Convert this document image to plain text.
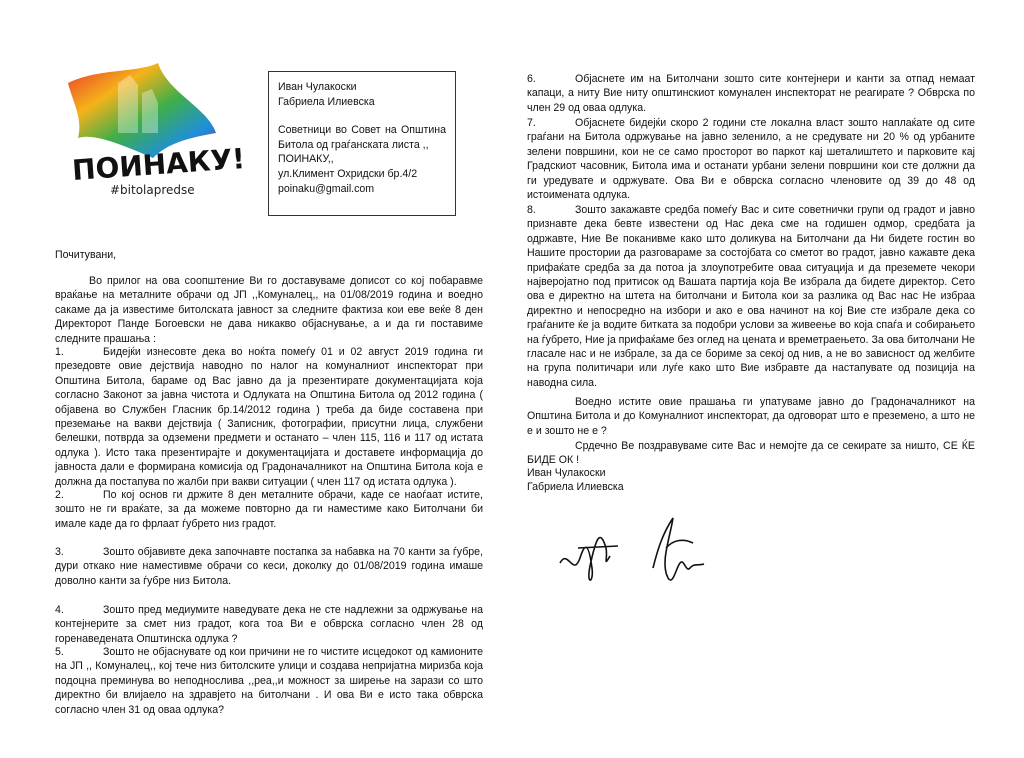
ПОИНАКУ!
#bitolapredse
Иван Чулакоски
Габриела Илиевска
Советници во Совет на Општина Битола од граѓанската листа ,,
ПОИНАКУ,,
ул.Климент Охридски бр.4/2
poinaku@gmail.com
Почитувани,
Во прилог на ова соопштение Ви го доставуваме дописот со кој побаравме враќање на металните обрачи од ЈП ,,Комуналец,, на 01/08/2019 година и воедно сакаме да ја известиме битолската јавност за следните фактиза кои еве веќе 8 ден Директорот Панде Богоевски не дава никакво објаснување, а и да ги поставиме следните прашања :
1.	Бидејќи изнесовте дека во ноќта помеѓу 01 и 02 август 2019 година ги презедовте овие дејствија наводно по налог на комуналниот инспекторат при Општина Битола, бараме од Вас јавно да ја презентирате документацијата која согласно Законот за јавна чистота и Одлуката на Општина Битола од 2012 година ( објавена во Службен Гласник бр.14/2012 година ) треба да биде составена при преземање на вакви дејствија ( Записник, фотографии, присутни лица, службени белешки, потврда за одземени предмети и останато – член 115, 116 и 117 од истата одлука ). Исто така презентирајте и документацијата и доставете информација до јавноста дали е формирана комисија од Градоначалникот на Општина Битола која е должна да постапува по жалби при вакви ситуации ( член 117 од истата одлука ).
2.	По кој основ ги држите 8 ден металните обрачи, каде се наоѓаат истите, зошто не ги враќате, за да можеме повторно да ги наместиме како Битолчани би имале каде да го фрлаат ѓубрето низ градот.
3.	Зошто објавивте дека започнавте постапка за набавка на 70 канти за ѓубре, дури откако ние наместивме обрачи со кеси, доколку до 01/08/2019 година имаше доволно канти за ѓубре низ Битола.
4.	Зошто пред медиумите наведувате дека не сте надлежни за одржување на контејнерите за смет низ градот, кога тоа Ви е обврска согласно член 28 од горенаведената Општинска одлука ?
5.	Зошто не објаснувате од кои причини не го чистите исцедокот од камионите на ЈП ,, Комуналец,, кој тече низ битолските улици и создава непријатна миризба која подоцна преминува во неподнослива ,,реа,,и можност за ширење на зарази со што директно би влијаело на здравјето на битолчани . И ова Ви е исто така обврска согласно член 31 од оваа одлука?
6.	Објаснете им на Битолчани зошто сите контејнери и канти за отпад немаат капаци, а ниту Вие ниту општинскиот комунален инспекторат не реагирате ? Обврска по член 29 од оваа одлука.
7.	Објаснете бидејќи скоро 2 години сте локална власт зошто наплаќате од сите граѓани на Битола одржување на јавно зеленило, а не средувате ни 20 % од урбаните зелени површини, кои не се само просторот во паркот кај шеталиштето и парковите кај Градскиот часовник, Битола има и останати урбани зелени површини кои сте должни да ги уредувате и одржувате. Ова Ви е обврска согласно членовите од 39 до 48 од истоимената одлука.
8.	Зошто закажавте средба помеѓу Вас и сите советнички групи од градот и јавно признавте дека бевте известени од Нас дека сме на годишен одмор, средбата ја одржавте, Ние Ве поканивме како што доликува на Битолчани да Ни бидете гостин во Нашите простории да разговараме за состојбата со сметот во градот, јавно кажавте дека прифаќате средба за да потоа ја злоупотребите оваа ситуација и да преземете чекори најверојатно под притисок од Вашата партија која Ве избрала да бидете директор. Сето ова е директно на штета на битолчани и Битола кои за разлика од Вас нас Не избраа директно и непосредно на избори и ако е ова начинот на кој Вие сте избрале дека со граѓаните ќе ја водите битката за подобри услови за живеење во која спаѓа и собирањето на ѓубрето, Ние ја прифаќаме без оглед на цената и времетраењето. За ова битолчани Не гласале нас и не избрале, за да се бориме за секој од нив, а не во зависност од желбите на група политичари или луѓе како што Вие избравте да настапувате од позиција на наводна сила.
Воедно истите овие прашања ги упатуваме јавно до Градоначалникот на Општина Битола и до Комуналниот инспекторат, да одговорат што е преземено, а што не е и зошто не е ?
Срдечно Ве поздравуваме сите Вас и немојте да се секирате за ништо, СЕ ЌЕ БИДЕ ОК !
Иван Чулакоски
Габриела Илиевска
